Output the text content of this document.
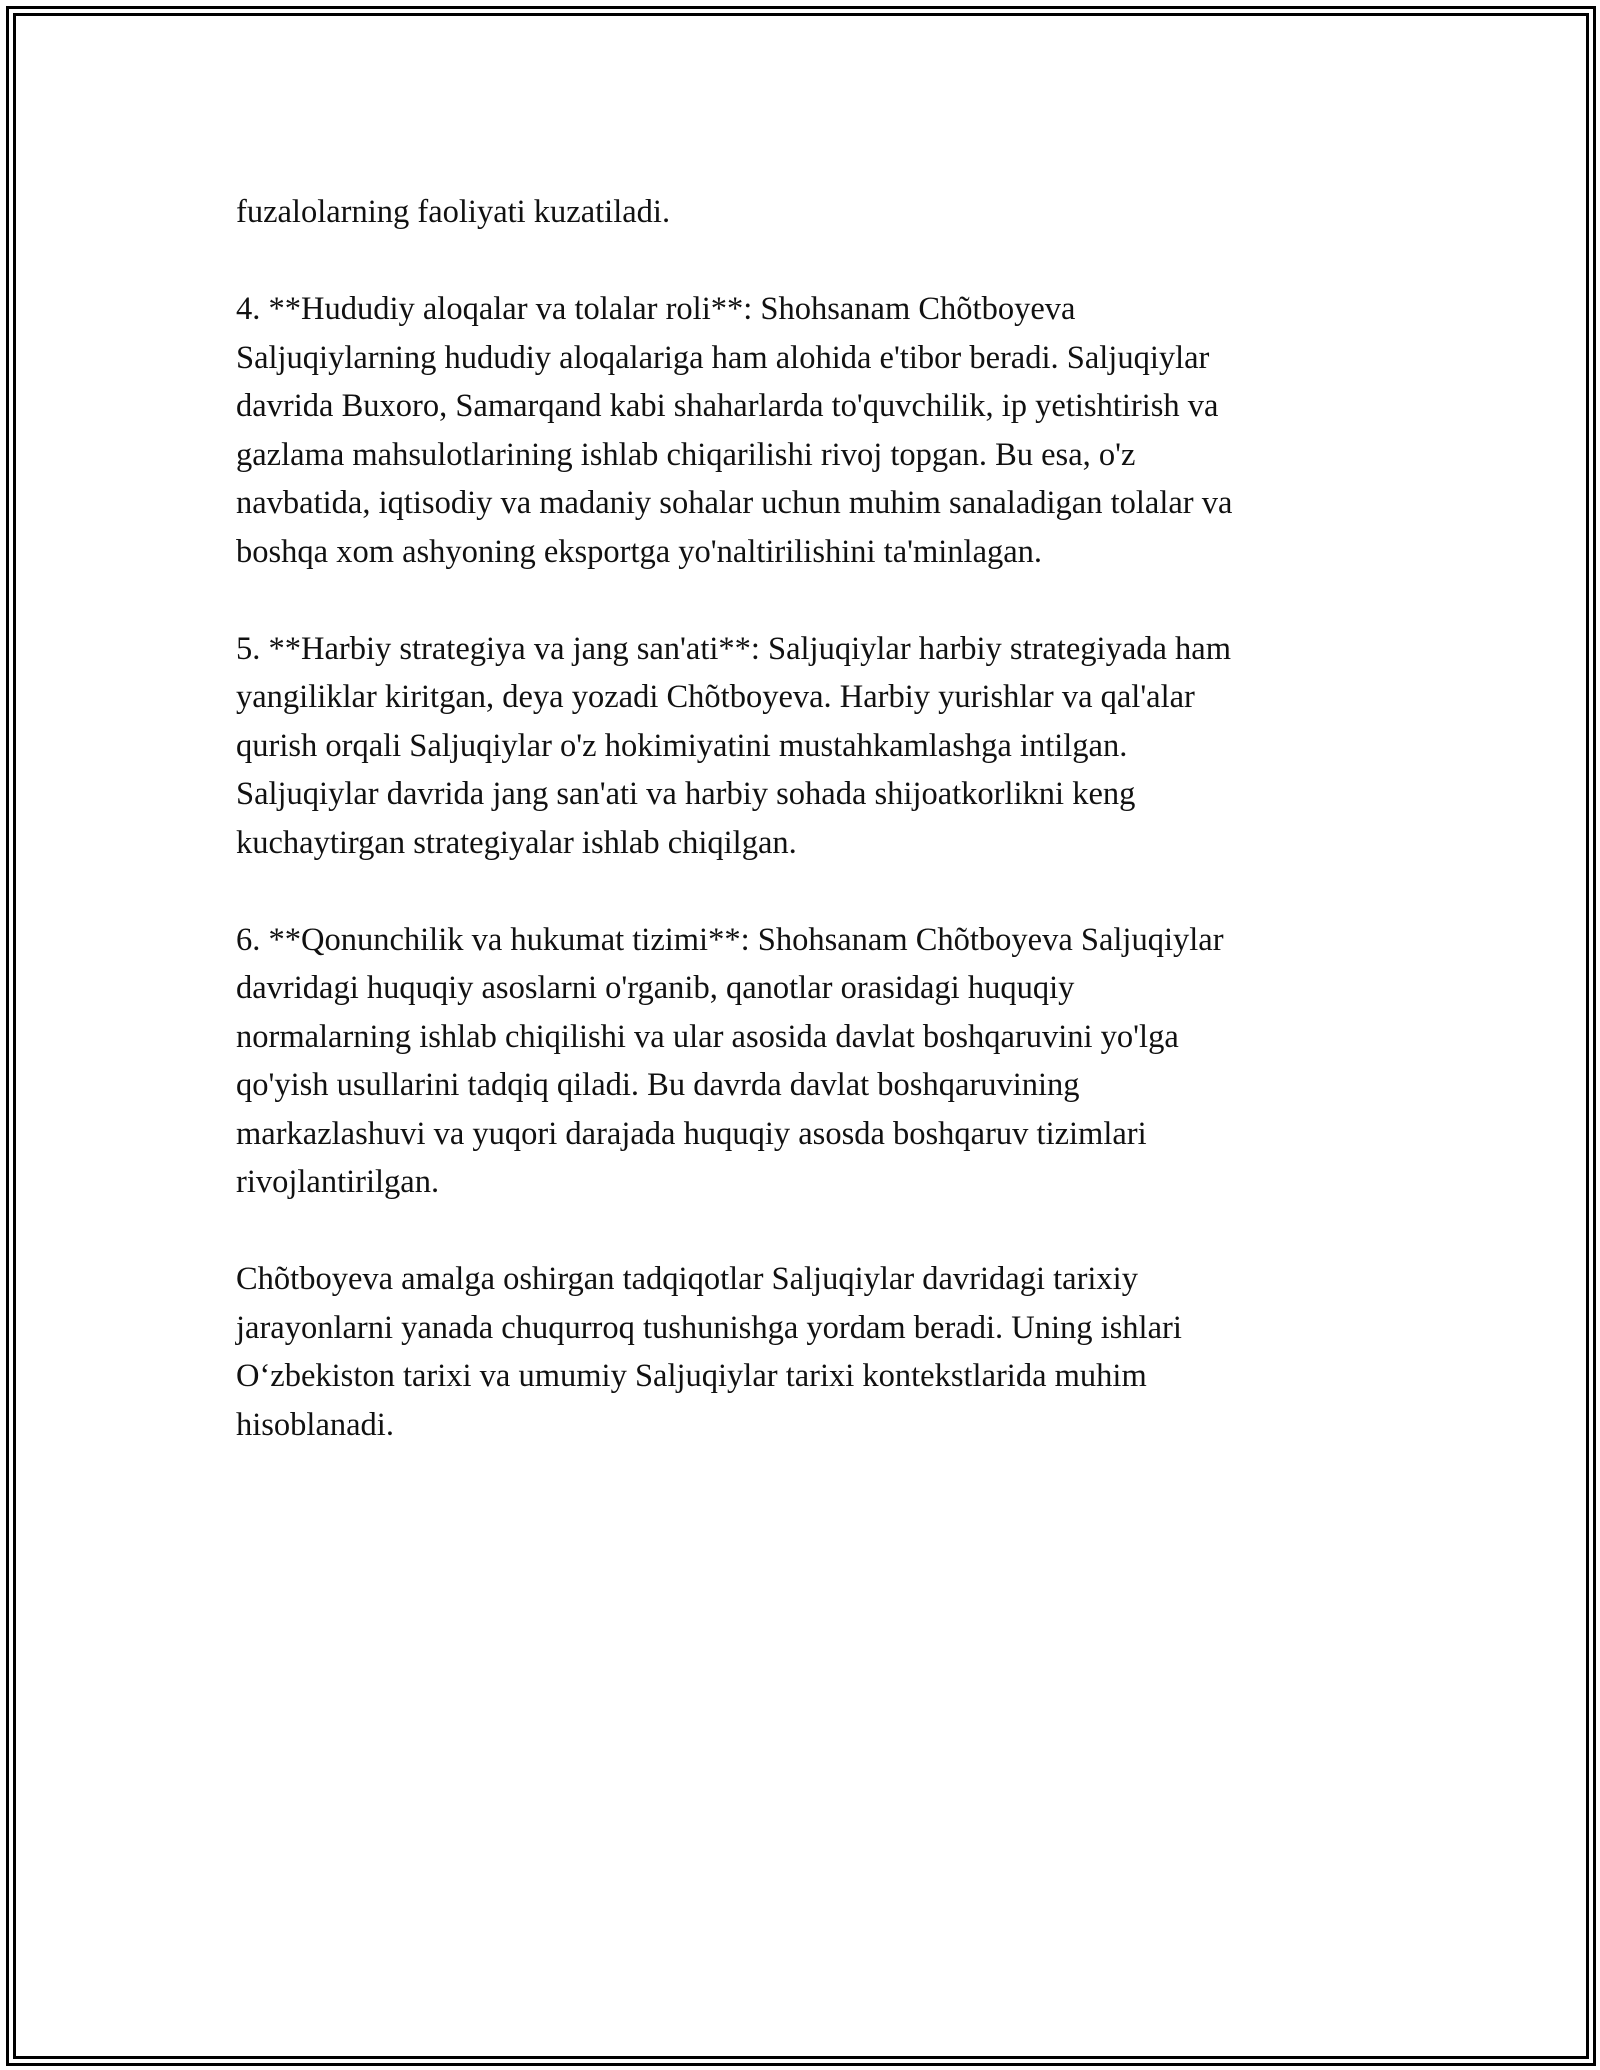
fuzalolarning faoliyati kuzatiladi.

4. **Hududiy aloqalar va tolalar roli**: Shohsanam Chõtboyeva
Saljuqiylarning hududiy aloqalariga ham alohida e'tibor beradi. Saljuqiylar
davrida Buxoro, Samarqand kabi shaharlarda to'quvchilik, ip yetishtirish va
gazlama mahsulotlarining ishlab chiqarilishi rivoj topgan. Bu esa, o'z
navbatida, iqtisodiy va madaniy sohalar uchun muhim sanaladigan tolalar va
boshqa xom ashyoning eksportga yo'naltirilishini ta'minlagan.

5. **Harbiy strategiya va jang san'ati**: Saljuqiylar harbiy strategiyada ham
yangiliklar kiritgan, deya yozadi Chõtboyeva. Harbiy yurishlar va qal'alar
qurish orqali Saljuqiylar o'z hokimiyatini mustahkamlashga intilgan.
Saljuqiylar davrida jang san'ati va harbiy sohada shijoatkorlikni keng
kuchaytirgan strategiyalar ishlab chiqilgan.

6. **Qonunchilik va hukumat tizimi**: Shohsanam Chõtboyeva Saljuqiylar
davridagi huquqiy asoslarni o'rganib, qanotlar orasidagi huquqiy
normalarning ishlab chiqilishi va ular asosida davlat boshqaruvini yo'lga
qo'yish usullarini tadqiq qiladi. Bu davrda davlat boshqaruvining
markazlashuvi va yuqori darajada huquqiy asosda boshqaruv tizimlari
rivojlantirilgan.

Chõtboyeva amalga oshirgan tadqiqotlar Saljuqiylar davridagi tarixiy
jarayonlarni yanada chuqurroq tushunishga yordam beradi. Uning ishlari
O‘zbekiston tarixi va umumiy Saljuqiylar tarixi kontekstlarida muhim
hisoblanadi.
